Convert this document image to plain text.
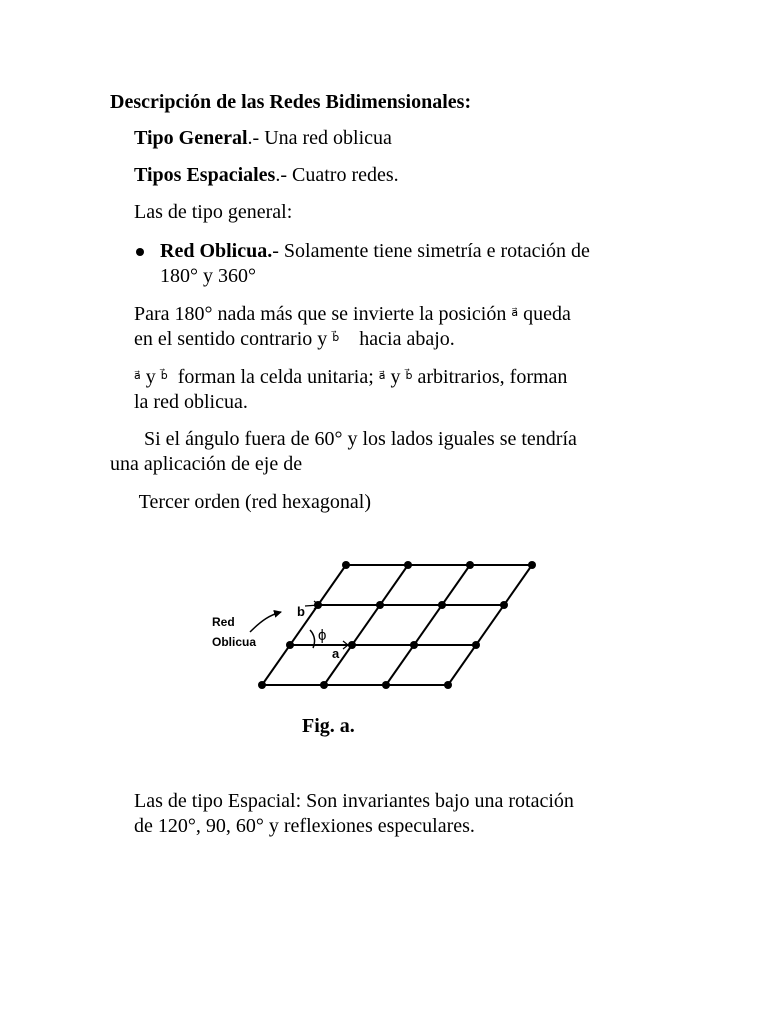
Descripción de las Redes Bidimensionales:
Tipo General.- Una red oblicua
Tipos Espaciales.- Cuatro redes.
Las de tipo general:
Red Oblicua.- Solamente tiene simetría e rotación de
180° y 360°
Para 180° nada más que se invierte la posición $^{a⃗}$ queda
en el sentido contrario y $^{b⃗}$    hacia abajo.
$^{a⃗}$ y $^{b⃗}$  forman la celda unitaria; $^{a⃗}$ y $^{b⃗}$ arbitrarios, forman
la red oblicua.
Si el ángulo fuera de 60° y los lados iguales se tendría
una aplicación de eje de
Tercer orden (red hexagonal)
Red
Oblicua
b
a
ϕ
Fig. a.
Las de tipo Espacial: Son invariantes bajo una rotación
de 120°, 90, 60° y reflexiones especulares.
